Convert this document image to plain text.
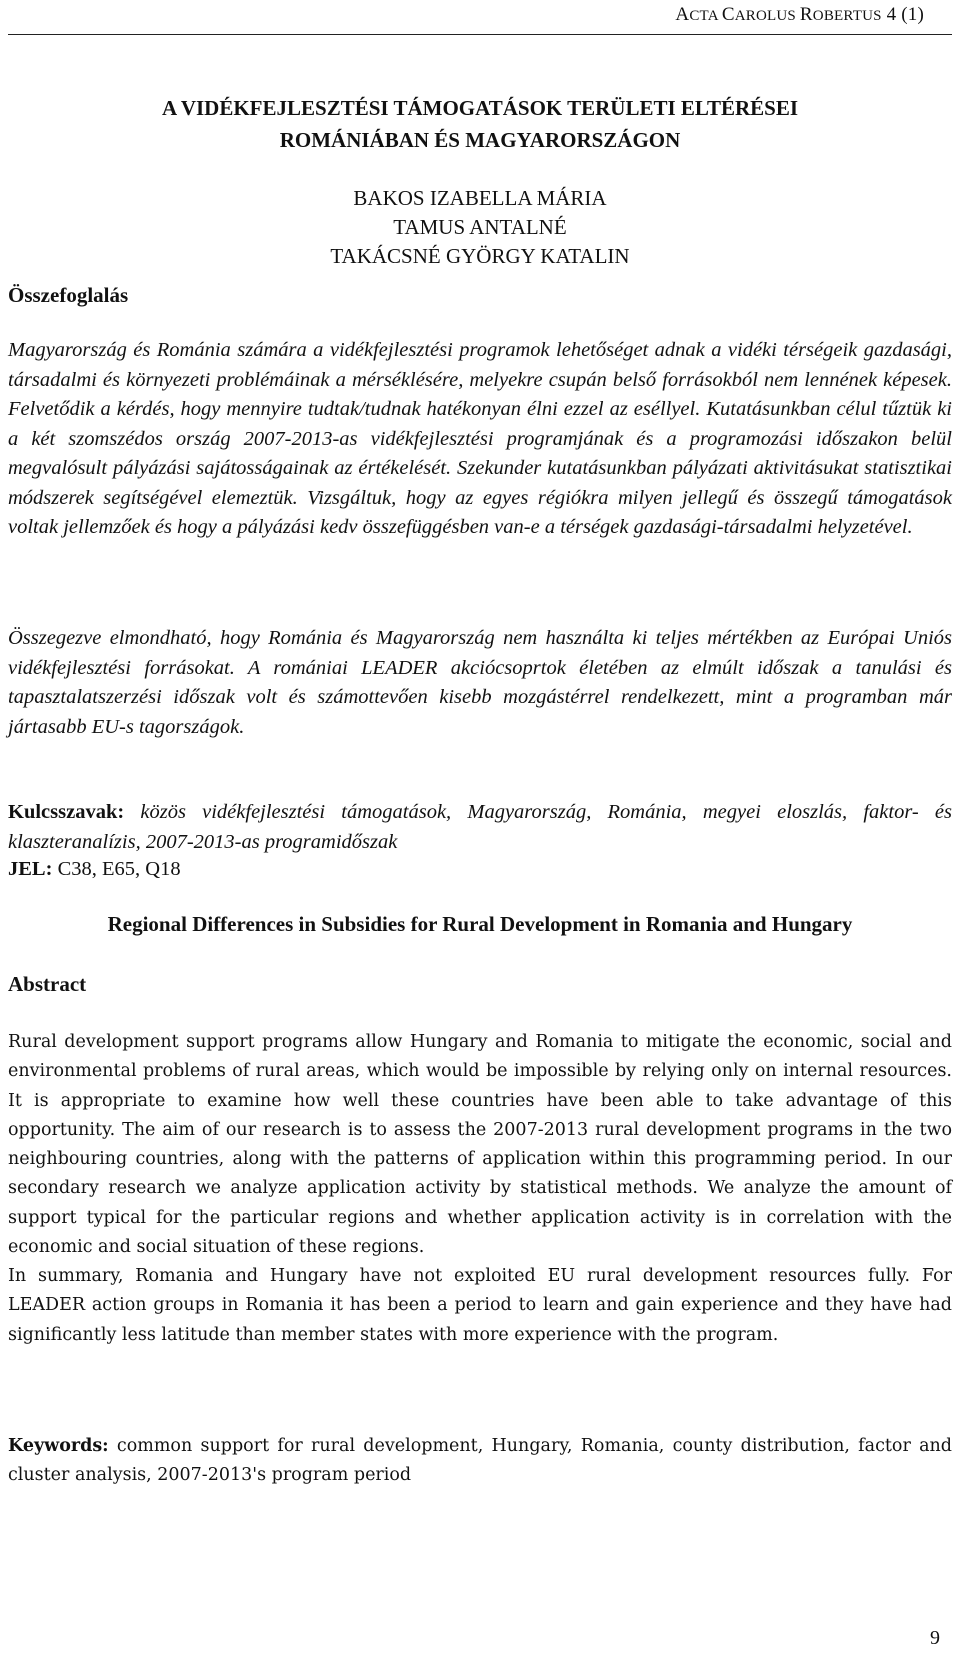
ACTA CAROLUS ROBERTUS 4 (1)
A VIDÉKFEJLESZTÉSI TÁMOGATÁSOK TERÜLETI ELTÉRÉSEI
ROMÁNIÁBAN ÉS MAGYARORSZÁGON
BAKOS IZABELLA MÁRIA
TAMUS ANTALNÉ
TAKÁCSNÉ GYÖRGY KATALIN
Összefoglalás
Magyarország és Románia számára a vidékfejlesztési programok lehetőséget adnak a vidéki térségeik gazdasági, társadalmi és környezeti problémáinak a mérséklésére, melyekre csupán belső forrásokból nem lennének képesek. Felvetődik a kérdés, hogy mennyire tudtak/tudnak hatékonyan élni ezzel az eséllyel. Kutatásunkban célul tűztük ki a két szomszédos ország 2007-2013-as vidékfejlesztési programjának és a programozási időszakon belül megvalósult pályázási sajátosságainak az értékelését. Szekunder kutatásunkban pályázati aktivitásukat statisztikai módszerek segítségével elemeztük. Vizsgáltuk, hogy az egyes régiókra milyen jellegű és összegű támogatások voltak jellemzőek és hogy a pályázási kedv összefüggésben van-e a térségek gazdasági-társadalmi helyzetével.
Összegezve elmondható, hogy Románia és Magyarország nem használta ki teljes mértékben az Európai Uniós vidékfejlesztési forrásokat. A romániai LEADER akciócsoprtok életében az elmúlt időszak a tanulási és tapasztalatszerzési időszak volt és számottevően kisebb mozgástérrel rendelkezett, mint a programban már jártasabb EU-s tagországok.
Kulcsszavak: közös vidékfejlesztési támogatások, Magyarország, Románia, megyei eloszlás, faktor- és klaszteranalízis, 2007-2013-as programidőszak
JEL: C38, E65, Q18
Regional Differences in Subsidies for Rural Development in Romania and Hungary
Abstract
Rural development support programs allow Hungary and Romania to mitigate the economic, social and environmental problems of rural areas, which would be impossible by relying only on internal resources. It is appropriate to examine how well these countries have been able to take advantage of this opportunity. The aim of our research is to assess the 2007-2013 rural development programs in the two neighbouring countries, along with the patterns of application within this programming period. In our secondary research we analyze application activity by statistical methods. We analyze the amount of support typical for the particular regions and whether application activity is in correlation with the economic and social situation of these regions.
In summary, Romania and Hungary have not exploited EU rural development resources fully. For LEADER action groups in Romania it has been a period to learn and gain experience and they have had significantly less latitude than member states with more experience with the program.
Keywords: common support for rural development, Hungary, Romania, county distribution, factor and cluster analysis, 2007-2013's program period
9
